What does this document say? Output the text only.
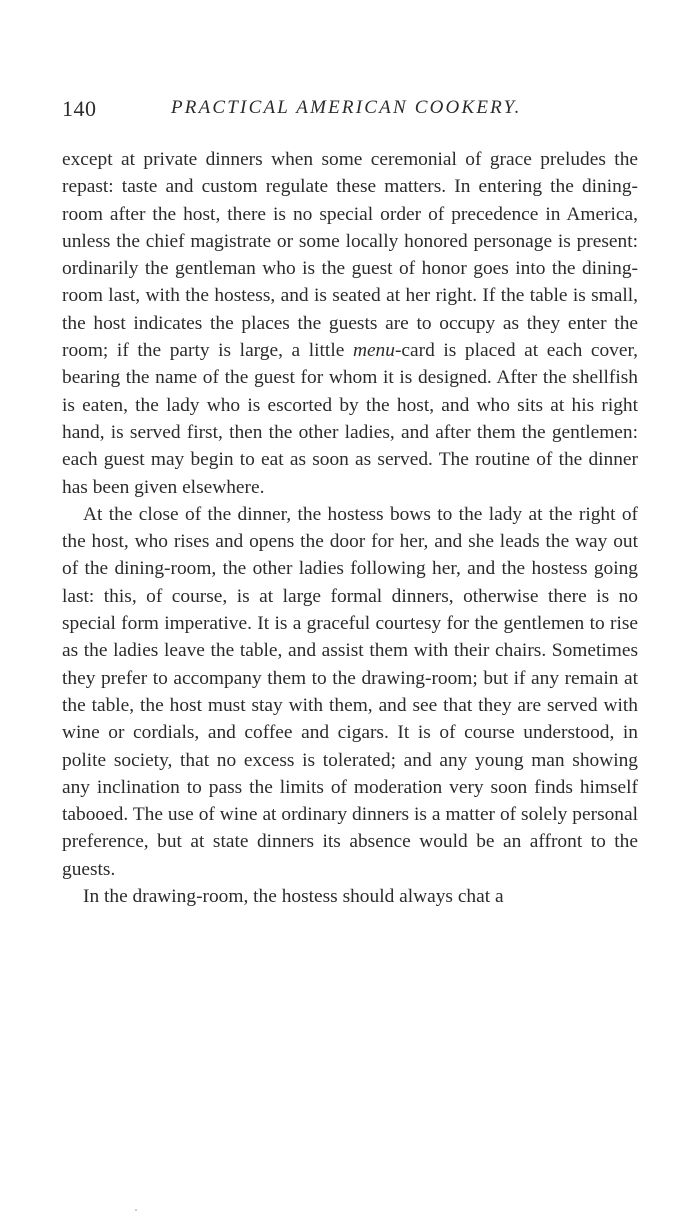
140	PRACTICAL AMERICAN COOKERY.

except at private dinners when some ceremonial of grace preludes the repast: taste and custom regulate these matters. In entering the dining-room after the host, there is no special order of precedence in America, unless the chief magistrate or some locally honored personage is present: ordinarily the gentleman who is the guest of honor goes into the dining-room last, with the hostess, and is seated at her right. If the table is small, the host indicates the places the guests are to occupy as they enter the room; if the party is large, a little menu-card is placed at each cover, bearing the name of the guest for whom it is designed. After the shellfish is eaten, the lady who is escorted by the host, and who sits at his right hand, is served first, then the other ladies, and after them the gentlemen: each guest may begin to eat as soon as served. The routine of the dinner has been given elsewhere.

At the close of the dinner, the hostess bows to the lady at the right of the host, who rises and opens the door for her, and she leads the way out of the dining-room, the other ladies following her, and the hostess going last: this, of course, is at large formal dinners, otherwise there is no special form imperative. It is a graceful courtesy for the gentlemen to rise as the ladies leave the table, and assist them with their chairs. Sometimes they prefer to accompany them to the drawing-room; but if any remain at the table, the host must stay with them, and see that they are served with wine or cordials, and coffee and cigars. It is of course understood, in polite society, that no excess is tolerated; and any young man showing any inclination to pass the limits of moderation very soon finds himself tabooed. The use of wine at ordinary dinners is a matter of solely personal preference, but at state dinners its absence would be an affront to the guests.

In the drawing-room, the hostess should always chat a
